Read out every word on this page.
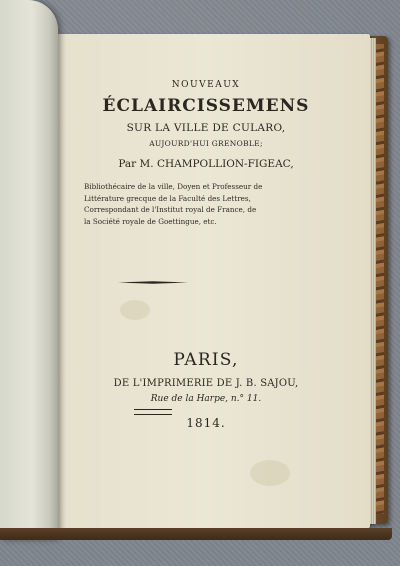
NOUVEAUX
ÉCLAIRCISSEMENS
SUR LA VILLE DE CULARO,
AUJOURD'HUI GRENOBLE;
Par M. CHAMPOLLION-FIGEAC,
Bibliothécaire de la ville, Doyen et Professeur de
Littérature grecque de la Faculté des Lettres,
Correspondant de l'Institut royal de France, de
la Société royale de Goettingue, etc.
PARIS,
DE L'IMPRIMERIE DE J. B. SAJOU,
Rue de la Harpe, n.° 11.
1814.
